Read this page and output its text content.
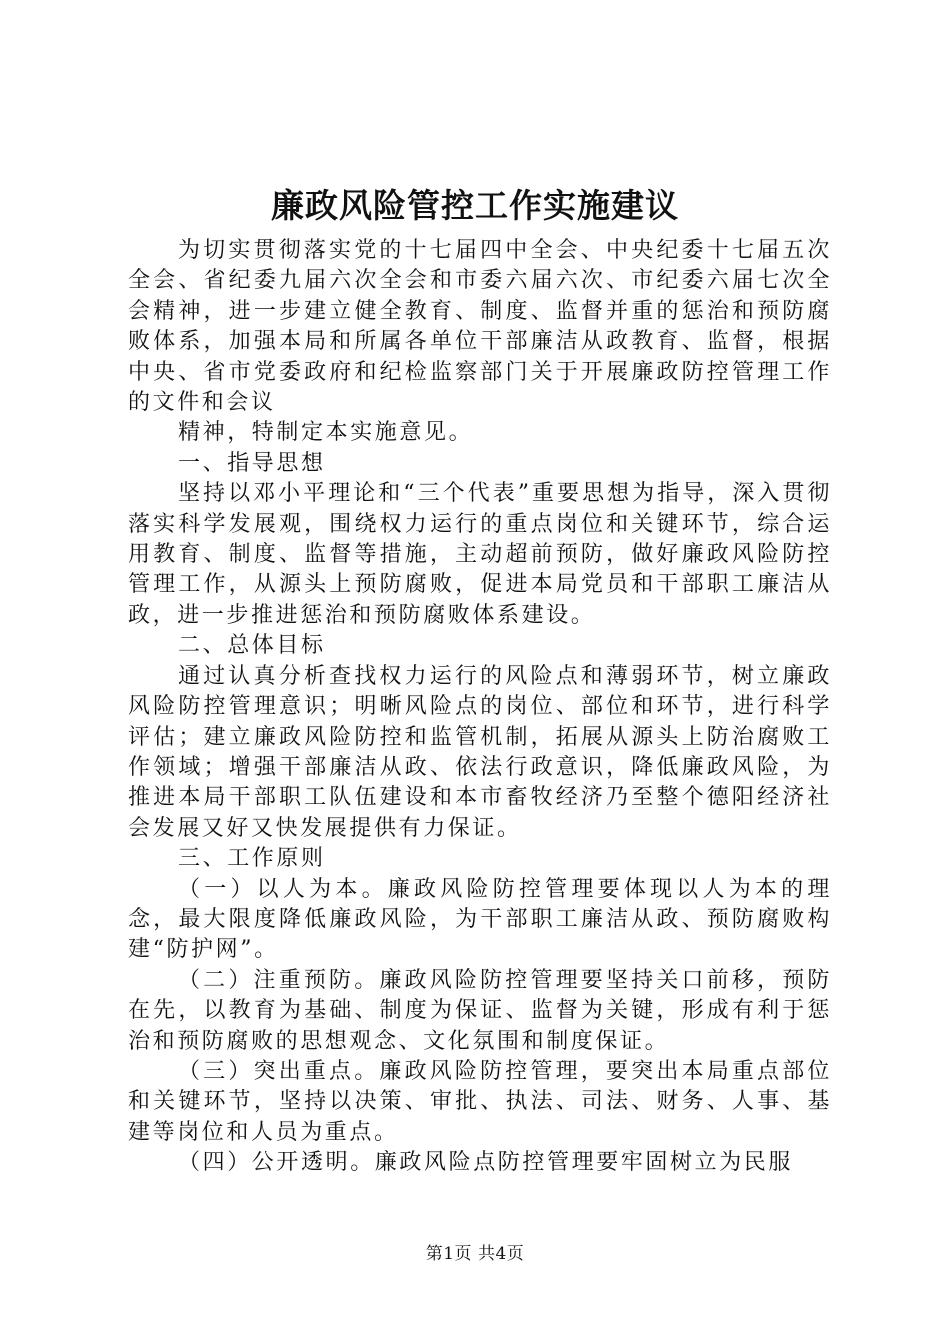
廉政风险管控工作实施建议

为切实贯彻落实党的十七届四中全会、中央纪委十七届五次全会、省纪委九届六次全会和市委六届六次、市纪委六届七次全会精神，进一步建立健全教育、制度、监督并重的惩治和预防腐败体系，加强本局和所属各单位干部廉洁从政教育、监督，根据中央、省市党委政府和纪检监察部门关于开展廉政防控管理工作的文件和会议

精神，特制定本实施意见。

一、指导思想

坚持以邓小平理论和“三个代表”重要思想为指导，深入贯彻落实科学发展观，围绕权力运行的重点岗位和关键环节，综合运用教育、制度、监督等措施，主动超前预防，做好廉政风险防控管理工作，从源头上预防腐败，促进本局党员和干部职工廉洁从政，进一步推进惩治和预防腐败体系建设。

二、总体目标

通过认真分析查找权力运行的风险点和薄弱环节，树立廉政风险防控管理意识；明晰风险点的岗位、部位和环节，进行科学评估；建立廉政风险防控和监管机制，拓展从源头上防治腐败工作领域；增强干部廉洁从政、依法行政意识，降低廉政风险，为推进本局干部职工队伍建设和本市畜牧经济乃至整个德阳经济社会发展又好又快发展提供有力保证。

三、工作原则

（一）以人为本。廉政风险防控管理要体现以人为本的理念，最大限度降低廉政风险，为干部职工廉洁从政、预防腐败构建“防护网”。

（二）注重预防。廉政风险防控管理要坚持关口前移，预防在先，以教育为基础、制度为保证、监督为关键，形成有利于惩治和预防腐败的思想观念、文化氛围和制度保证。

（三）突出重点。廉政风险防控管理，要突出本局重点部位和关键环节，坚持以决策、审批、执法、司法、财务、人事、基建等岗位和人员为重点。

（四）公开透明。廉政风险点防控管理要牢固树立为民服

第1页 共4页
